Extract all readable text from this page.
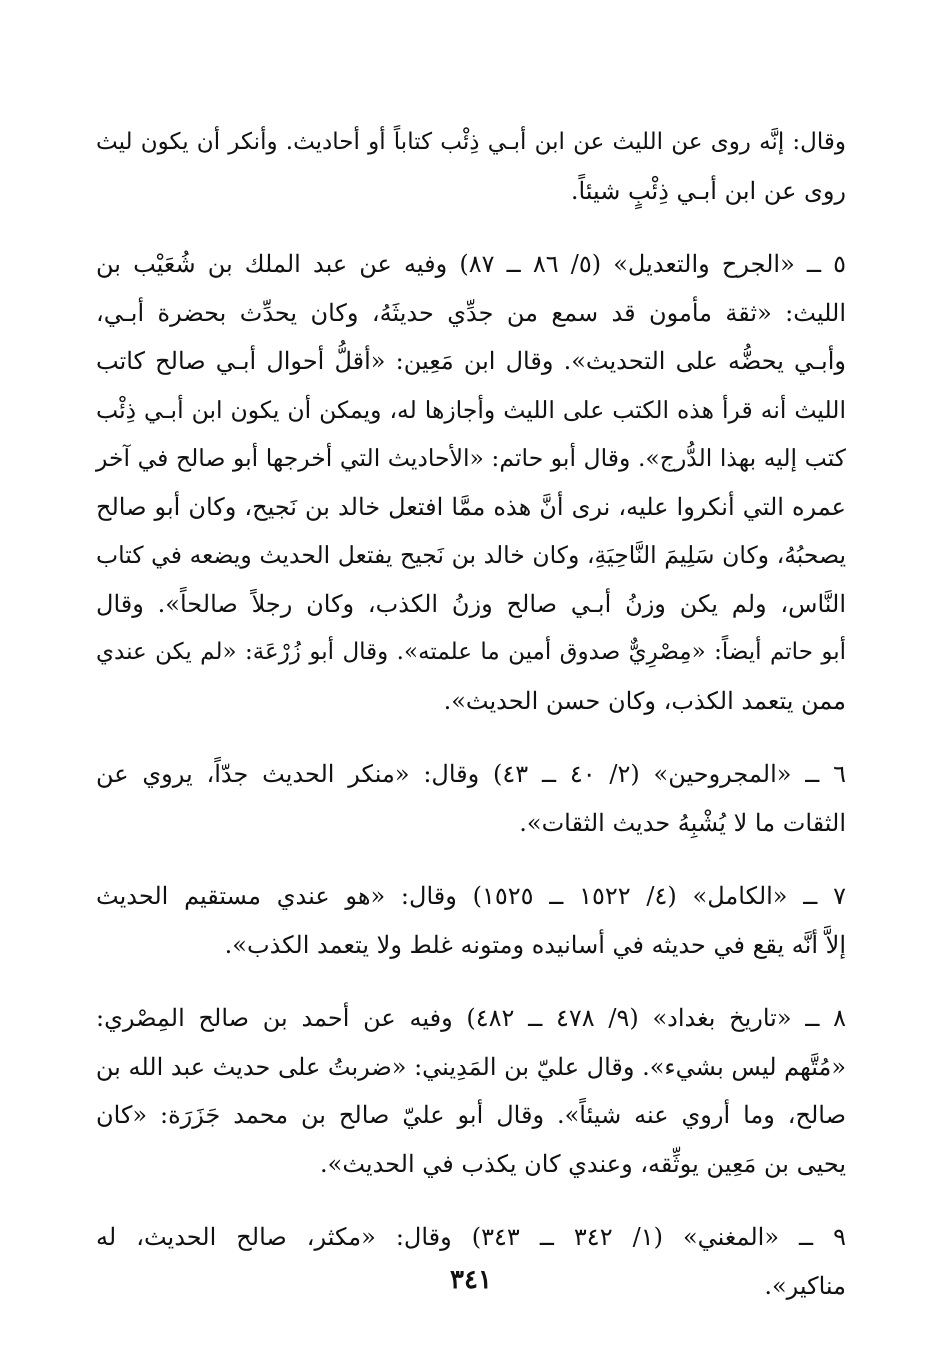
وقال: إنَّه روى عن الليث عن ابن أبـي ذِئْب كتاباً أو أحاديث. وأنكر أن يكون ليث
روى عن ابن أبـي ذِئْبٍ شيئاً.

٥ ــ «الجرح والتعديل» (٥/ ٨٦ ــ ٨٧) وفيه عن عبد الملك بن شُعَيْب بن
الليث: «ثقة مأمون قد سمع من جدِّي حديثَهُ، وكان يحدِّث بحضرة أبـي،
وأبـي يحضُّه على التحديث». وقال ابن مَعِين: «أقلُّ أحوال أبـي صالح كاتب
الليث أنه قرأ هذه الكتب على الليث وأجازها له، ويمكن أن يكون ابن أبـي ذِئْب
كتب إليه بهذا الدُّرج». وقال أبو حاتم: «الأحاديث التي أخرجها أبو صالح في آخر
عمره التي أنكروا عليه، نرى أنَّ هذه ممَّا افتعل خالد بن نَجيح، وكان أبو صالح
يصحبُهُ، وكان سَلِيمَ النَّاحِيَةِ، وكان خالد بن نَجيح يفتعل الحديث ويضعه في كتاب
النَّاس، ولم يكن وزنُ أبـي صالح وزنُ الكذب، وكان رجلاً صالحاً». وقال
أبو حاتم أيضاً: «مِصْرِيٌّ صدوق أمين ما علمته». وقال أبو زُرْعَة: «لم يكن عندي
ممن يتعمد الكذب، وكان حسن الحديث».

٦ ــ «المجروحين» (٢/ ٤٠ ــ ٤٣) وقال: «منكر الحديث جدّاً، يروي عن
الثقات ما لا يُشْبِهُ حديث الثقات».

٧ ــ «الكامل» (٤/ ١٥٢٢ ــ ١٥٢٥) وقال: «هو عندي مستقيم الحديث
إلاَّ أنَّه يقع في حديثه في أسانيده ومتونه غلط ولا يتعمد الكذب».

٨ ــ «تاريخ بغداد» (٩/ ٤٧٨ ــ ٤٨٢) وفيه عن أحمد بن صالح المِصْري:
«مُتَّهم ليس بشيء». وقال عليّ بن المَدِيني: «ضربتُ على حديث عبد الله بن
صالح، وما أروي عنه شيئاً». وقال أبو عليّ صالح بن محمد جَزَرَة: «كان
يحيى بن مَعِين يوثِّقه، وعندي كان يكذب في الحديث».

٩ ــ «المغني» (١/ ٣٤٢ ــ ٣٤٣) وقال: «مكثر، صالح الحديث، له
مناكير».

٣٤١
